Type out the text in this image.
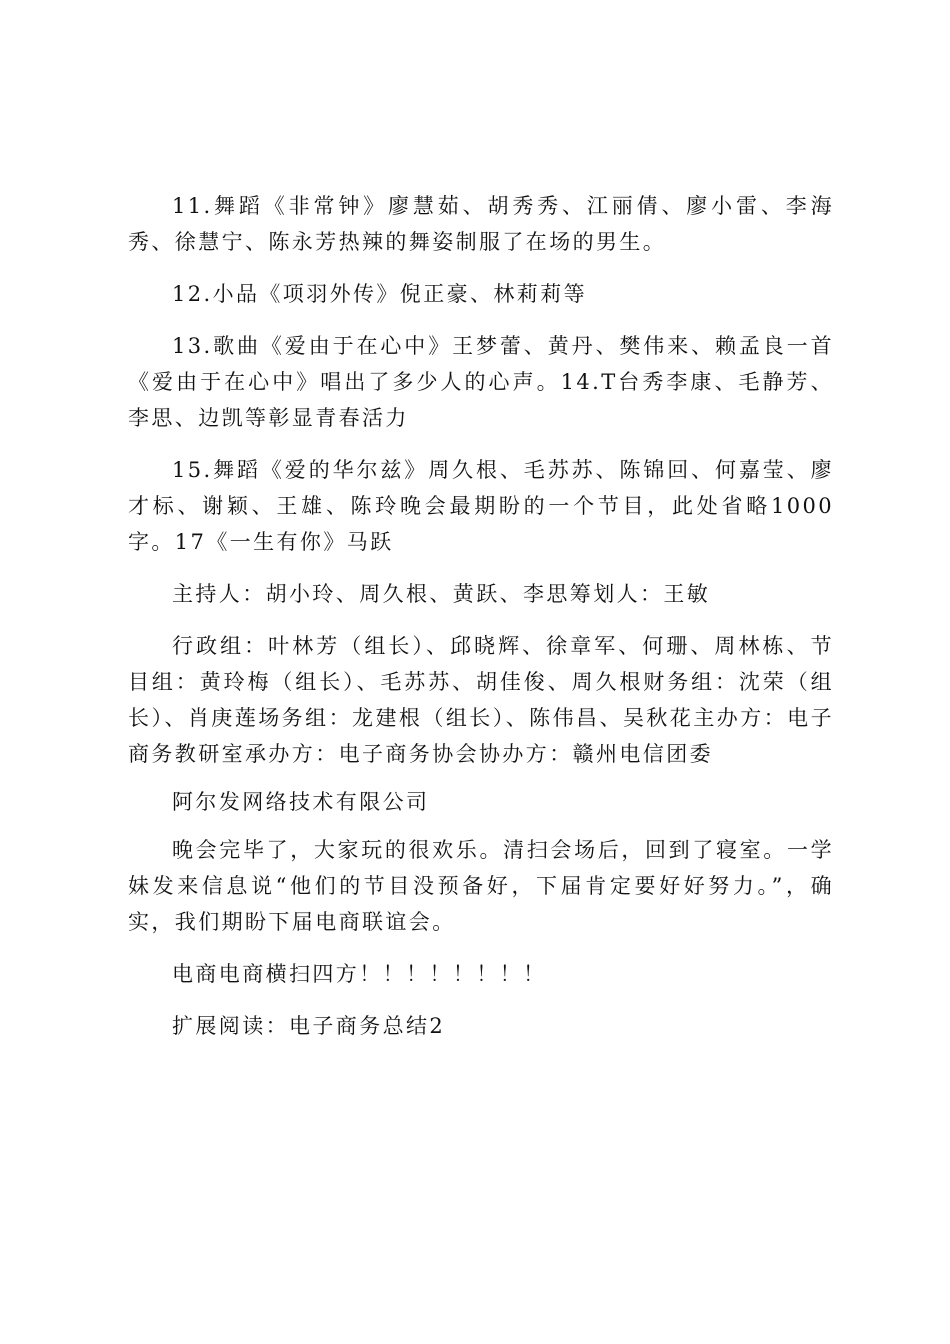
11.舞蹈《非常钟》廖慧茹、胡秀秀、江丽倩、廖小雷、李海秀、徐慧宁、陈永芳热辣的舞姿制服了在场的男生。

12.小品《项羽外传》倪正豪、林莉莉等

13.歌曲《爱由于在心中》王梦蕾、黄丹、樊伟来、赖孟良一首《爱由于在心中》唱出了多少人的心声。14.T台秀李康、毛静芳、李思、边凯等彰显青春活力

15.舞蹈《爱的华尔兹》周久根、毛苏苏、陈锦回、何嘉莹、廖才标、谢颖、王雄、陈玲晚会最期盼的一个节目，此处省略1000字。17《一生有你》马跃

主持人：胡小玲、周久根、黄跃、李思筹划人：王敏

行政组：叶林芳（组长）、邱晓辉、徐章军、何珊、周林栋、节目组：黄玲梅（组长）、毛苏苏、胡佳俊、周久根财务组：沈荣（组长）、肖庚莲场务组：龙建根（组长）、陈伟昌、吴秋花主办方：电子商务教研室承办方：电子商务协会协办方：赣州电信团委

阿尔发网络技术有限公司

晚会完毕了，大家玩的很欢乐。清扫会场后，回到了寝室。一学妹发来信息说“他们的节目没预备好，下届肯定要好好努力。”，确实，我们期盼下届电商联谊会。

电商电商横扫四方！！！！！！！！

扩展阅读：电子商务总结2
